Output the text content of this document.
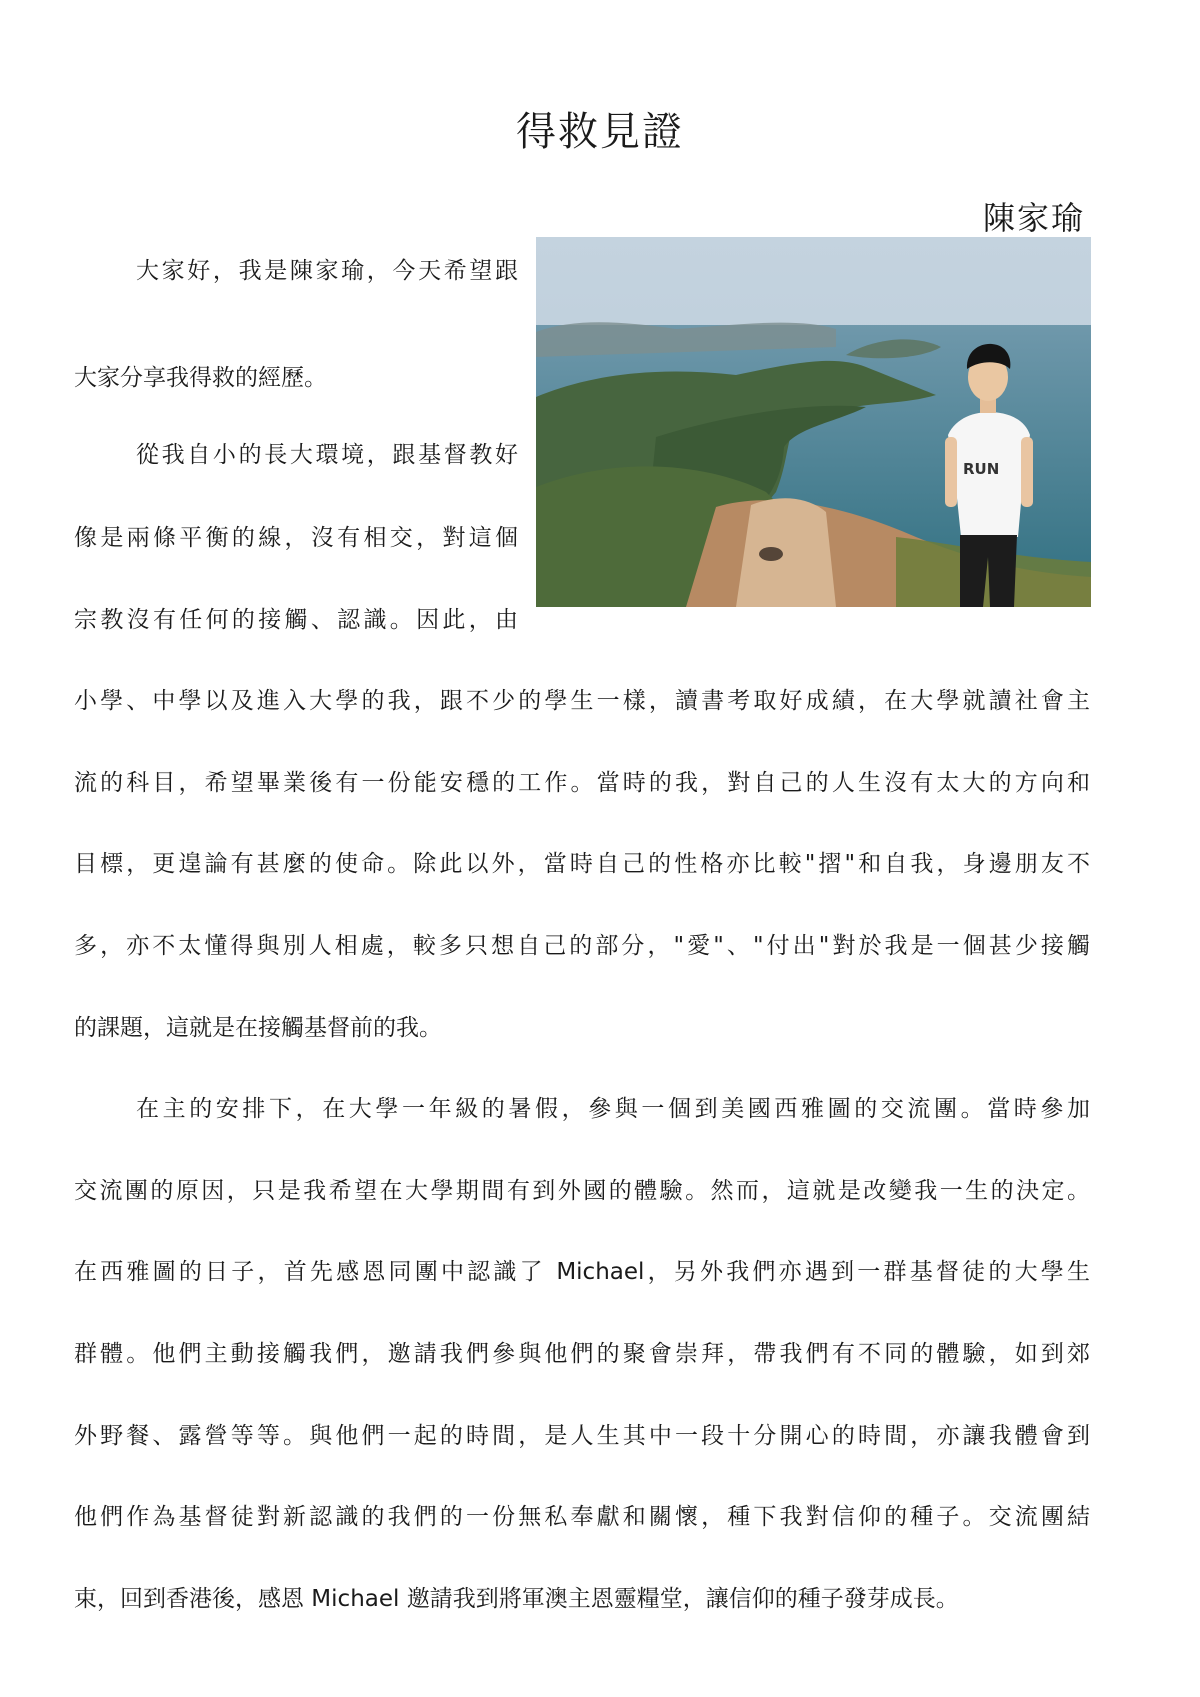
得救見證
陳家瑜
RUN
大家好，我是陳家瑜，今天希望跟
大家分享我得救的經歷。
從我自小的長大環境，跟基督教好
像是兩條平衡的線，沒有相交，對這個
宗教沒有任何的接觸、認識。因此，由
小學、中學以及進入大學的我，跟不少的學生一樣，讀書考取好成績，在大學就讀社會主
流的科目，希望畢業後有一份能安穩的工作。當時的我，對自己的人生沒有太大的方向和
目標，更遑論有甚麼的使命。除此以外，當時自己的性格亦比較"摺"和自我，身邊朋友不
多，亦不太懂得與別人相處，較多只想自己的部分，"愛"、"付出"對於我是一個甚少接觸
的課題，這就是在接觸基督前的我。
在主的安排下，在大學一年級的暑假，參與一個到美國西雅圖的交流團。當時參加
交流團的原因，只是我希望在大學期間有到外國的體驗。然而，這就是改變我一生的決定。
在西雅圖的日子，首先感恩同團中認識了 Michael，另外我們亦遇到一群基督徒的大學生
群體。他們主動接觸我們，邀請我們參與他們的聚會崇拜，帶我們有不同的體驗，如到郊
外野餐、露營等等。與他們一起的時間，是人生其中一段十分開心的時間，亦讓我體會到
他們作為基督徒對新認識的我們的一份無私奉獻和關懷，種下我對信仰的種子。交流團結
束，回到香港後，感恩 Michael 邀請我到將軍澳主恩靈糧堂，讓信仰的種子發芽成長。
